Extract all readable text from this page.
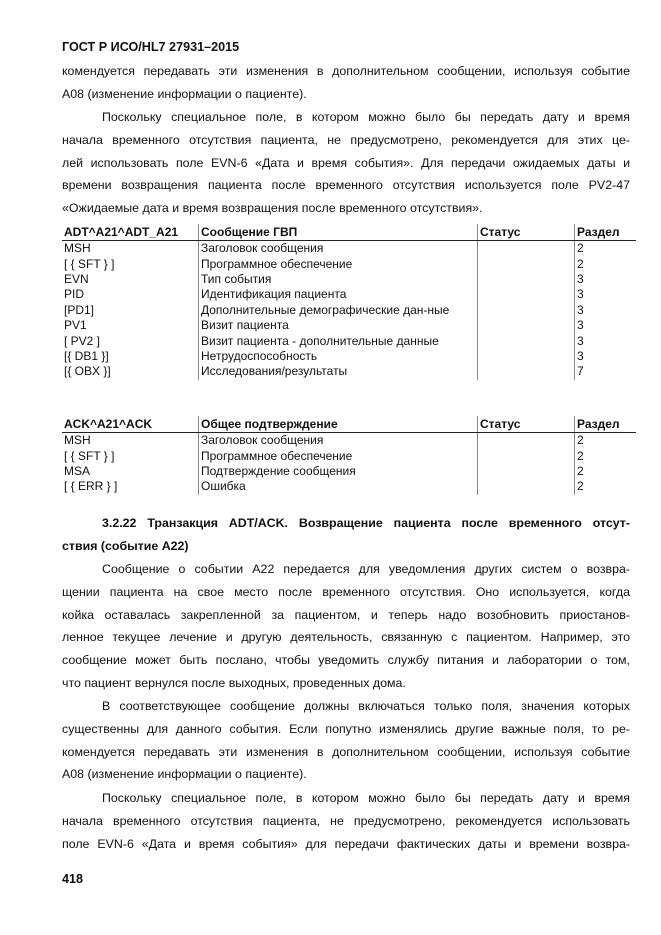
ГОСТ Р ИСО/HL7 27931–2015

комендуется передавать эти изменения в дополнительном сообщении, используя событие
А08 (изменение информации о пациенте).

Поскольку специальное поле, в котором можно было бы передать дату и время
начала временного отсутствия пациента, не предусмотрено, рекомендуется для этих це-
лей использовать поле EVN-6 «Дата и время события». Для передачи ожидаемых даты и
времени возвращения пациента после временного отсутствия используется поле PV2-47
«Ожидаемые дата и время возвращения после временного отсутствия».

ADT^A21^ADT_A21	Сообщение ГВП	Статус	Раздел
MSH	Заголовок сообщения		2
[ { SFT } ]	Программное обеспечение		2
EVN	Тип события		3
PID	Идентификация пациента		3
[PD1]	Дополнительные демографические дан-ные		3
PV1	Визит пациента		3
[ PV2 ]	Визит пациента - дополнительные данные		3
[{ DB1 }]	Нетрудоспособность		3
[{ OBX }]	Исследования/результаты		7
ACK^A21^ACK	Общее подтверждение	Статус	Раздел
MSH	Заголовок сообщения		2
[ { SFT } ]	Программное обеспечение		2
MSA	Подтверждение сообщения		2
[ { ERR } ]	Ошибка		2

3.2.22 Транзакция ADT/ACK. Возвращение пациента после временного отсут-
ствия (событие А22)

Сообщение о событии А22 передается для уведомления других систем о возвра-
щении пациента на свое место после временного отсутствия. Оно используется, когда
койка оставалась закрепленной за пациентом, и теперь надо возобновить приостанов-
ленное текущее лечение и другую деятельность, связанную с пациентом. Например, это
сообщение может быть послано, чтобы уведомить службу питания и лаборатории о том,
что пациент вернулся после выходных, проведенных дома.

В соответствующее сообщение должны включаться только поля, значения которых
существенны для данного события. Если попутно изменялись другие важные поля, то ре-
комендуется передавать эти изменения в дополнительном сообщении, используя событие
А08 (изменение информации о пациенте).

Поскольку специальное поле, в котором можно было бы передать дату и время
начала временного отсутствия пациента, не предусмотрено, рекомендуется использовать
поле EVN-6 «Дата и время события» для передачи фактических даты и времени возвра-

418
